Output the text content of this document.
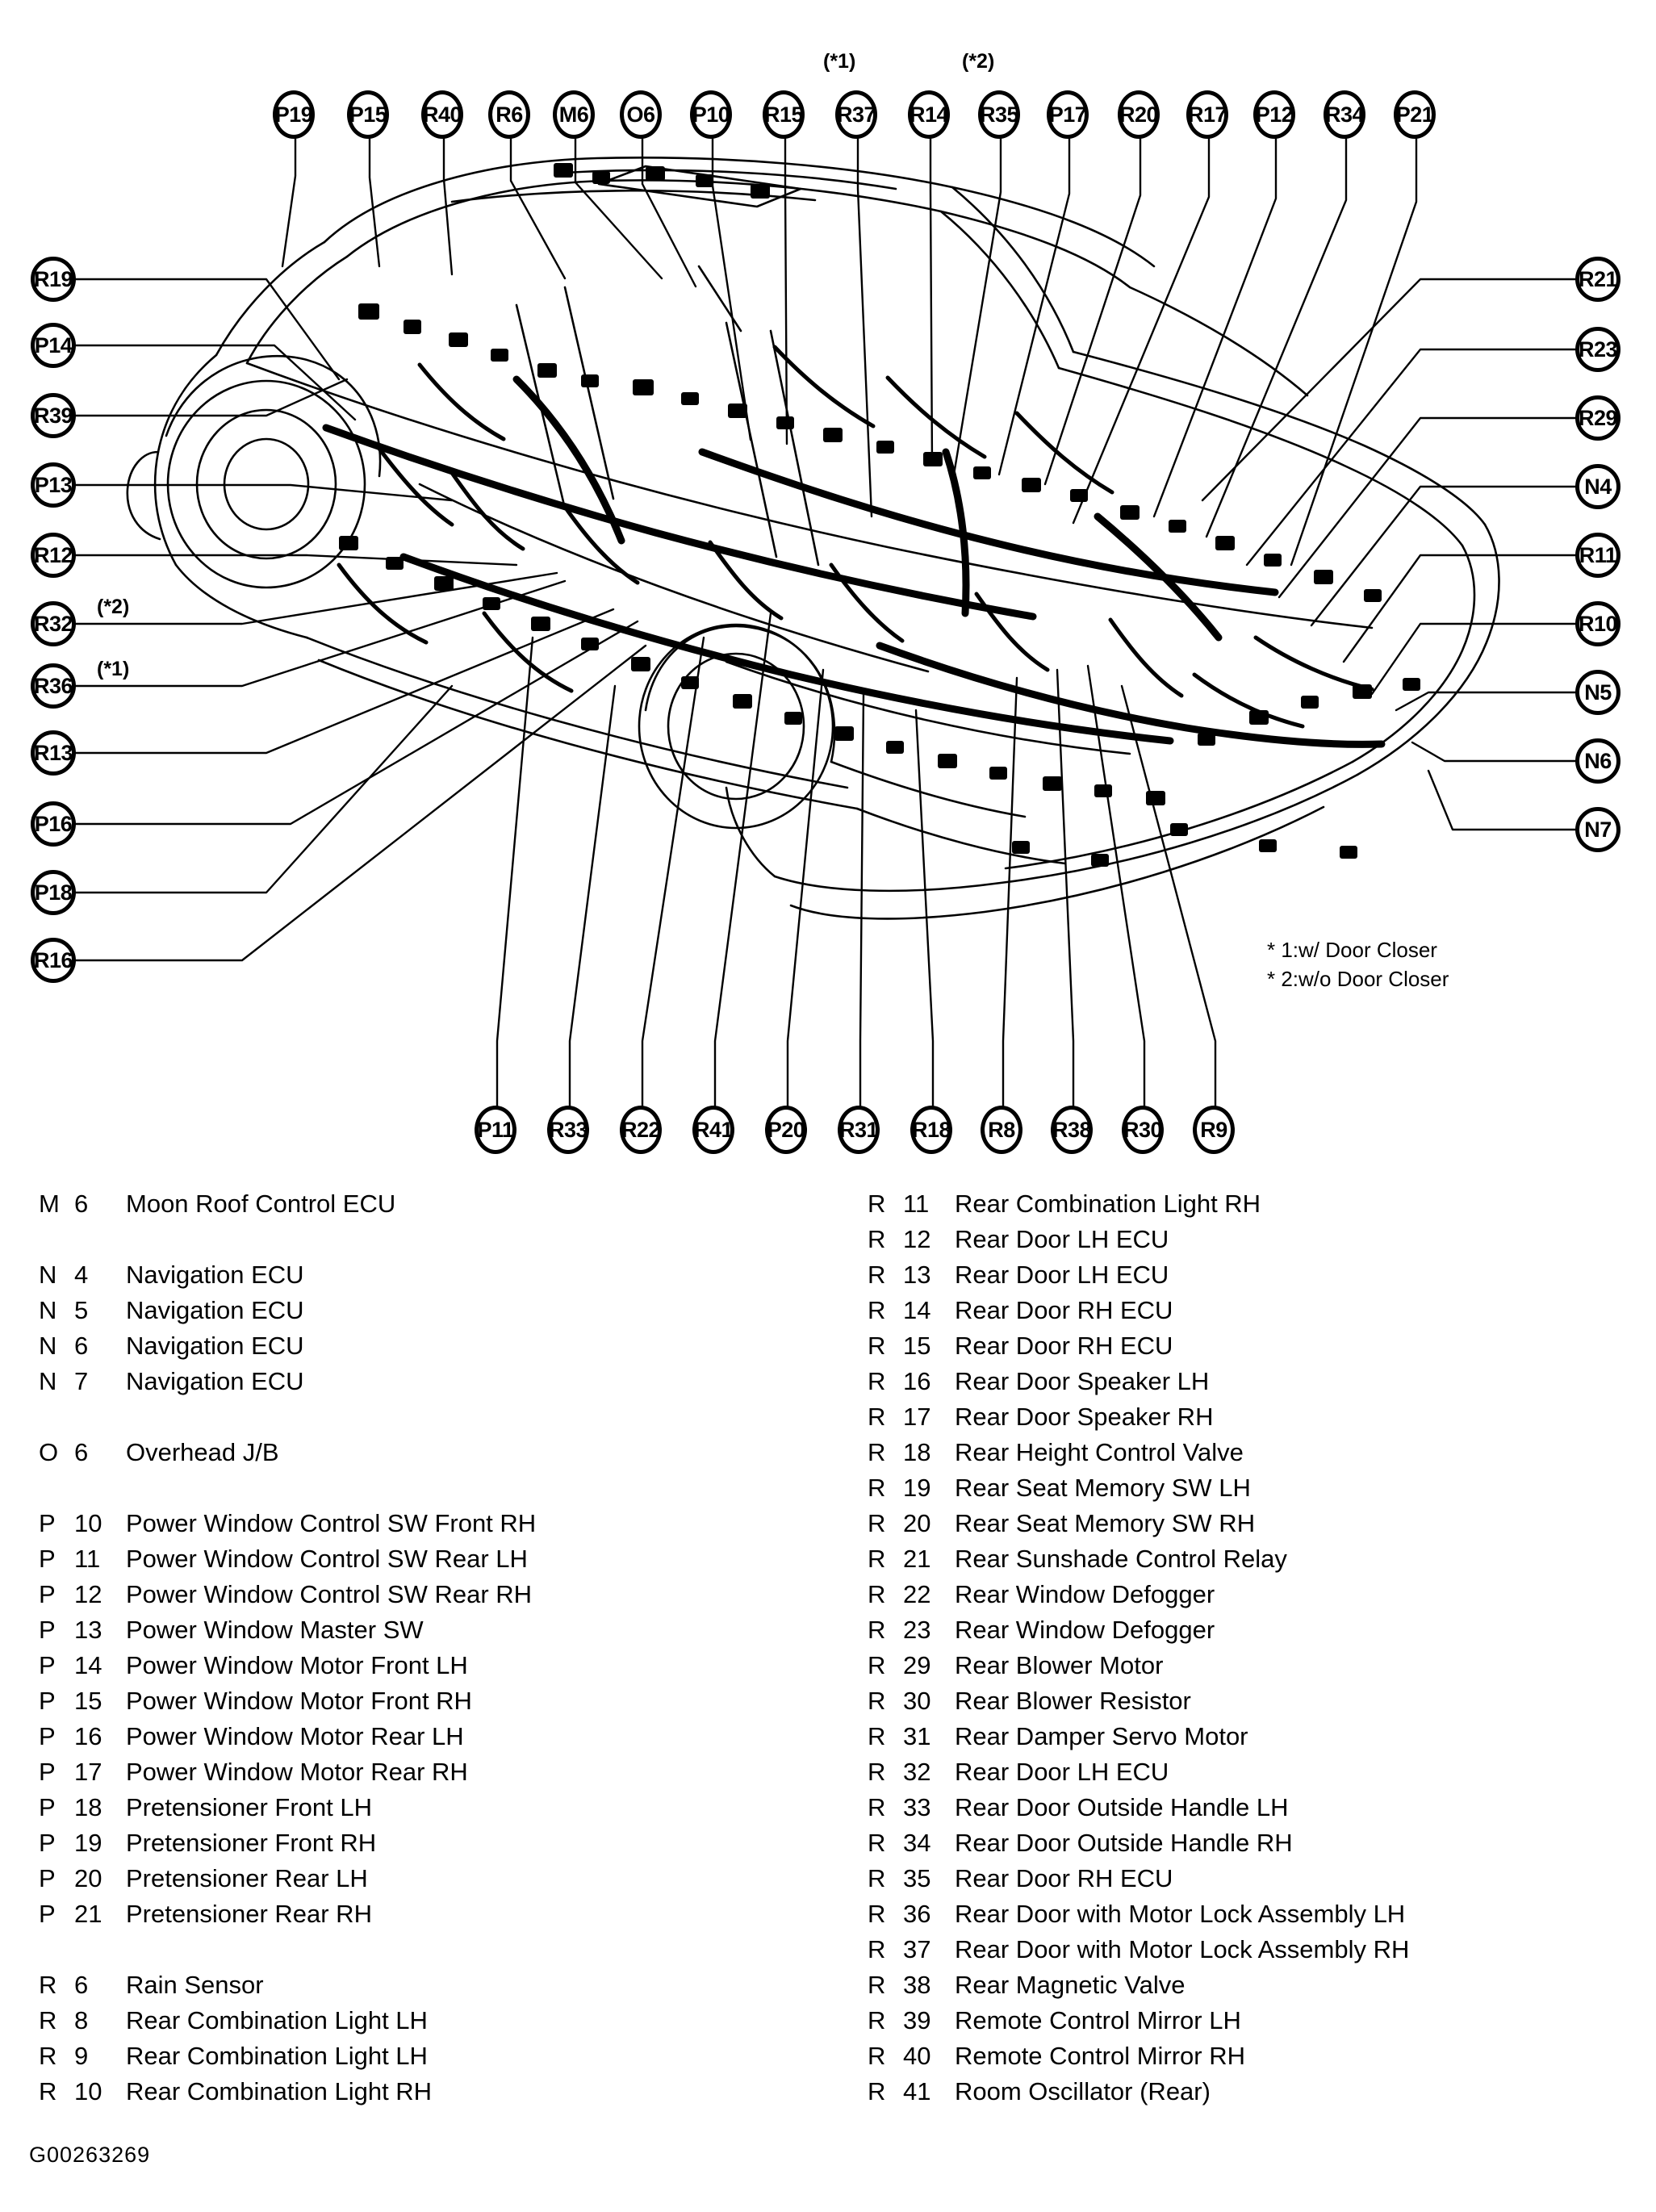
P19 P15 R40	R6	M6	O6	P10 R15 R37 R14 R35 P17 R20 R17 P12 R34 P21
R19
P14
R39
P13
R12
R32
R36
R13
P16
P18
R16
R21
R23
R29
N4
R11
R10
N5
N6
N7
P11 R33 R22 R41 P20 R31 R18	R8	R38 R30	R9
(*1)	(*2)
(*2)
(*1)
* 1:w/ Door Closer
* 2:w/o Door Closer
M 6 Moon Roof Control ECU
N 4 Navigation ECU
N 5 Navigation ECU
N 6 Navigation ECU
N 7 Navigation ECU
O 6 Overhead J/B
P 10 Power Window Control SW Front RH
P 11 Power Window Control SW Rear LH
P 12 Power Window Control SW Rear RH
P 13 Power Window Master SW
P 14 Power Window Motor Front LH
P 15 Power Window Motor Front RH
P 16 Power Window Motor Rear LH
P 17 Power Window Motor Rear RH
P 18 Pretensioner Front LH
P 19 Pretensioner Front RH
P 20 Pretensioner Rear LH
P 21 Pretensioner Rear RH
R 6 Rain Sensor
R 8 Rear Combination Light LH
R 9 Rear Combination Light LH
R 10 Rear Combination Light RH
R 11 Rear Combination Light RH
R 12 Rear Door LH ECU
R 13 Rear Door LH ECU
R 14 Rear Door RH ECU
R 15 Rear Door RH ECU
R 16 Rear Door Speaker LH
R 17 Rear Door Speaker RH
R 18 Rear Height Control Valve
R 19 Rear Seat Memory SW LH
R 20 Rear Seat Memory SW RH
R 21 Rear Sunshade Control Relay
R 22 Rear Window Defogger
R 23 Rear Window Defogger
R 29 Rear Blower Motor
R 30 Rear Blower Resistor
R 31 Rear Damper Servo Motor
R 32 Rear Door LH ECU
R 33 Rear Door Outside Handle LH
R 34 Rear Door Outside Handle RH
R 35 Rear Door RH ECU
R 36 Rear Door with Motor Lock Assembly LH
R 37 Rear Door with Motor Lock Assembly RH
R 38 Rear Magnetic Valve
R 39 Remote Control Mirror LH
R 40 Remote Control Mirror RH
R 41 Room Oscillator (Rear)
G00263269
